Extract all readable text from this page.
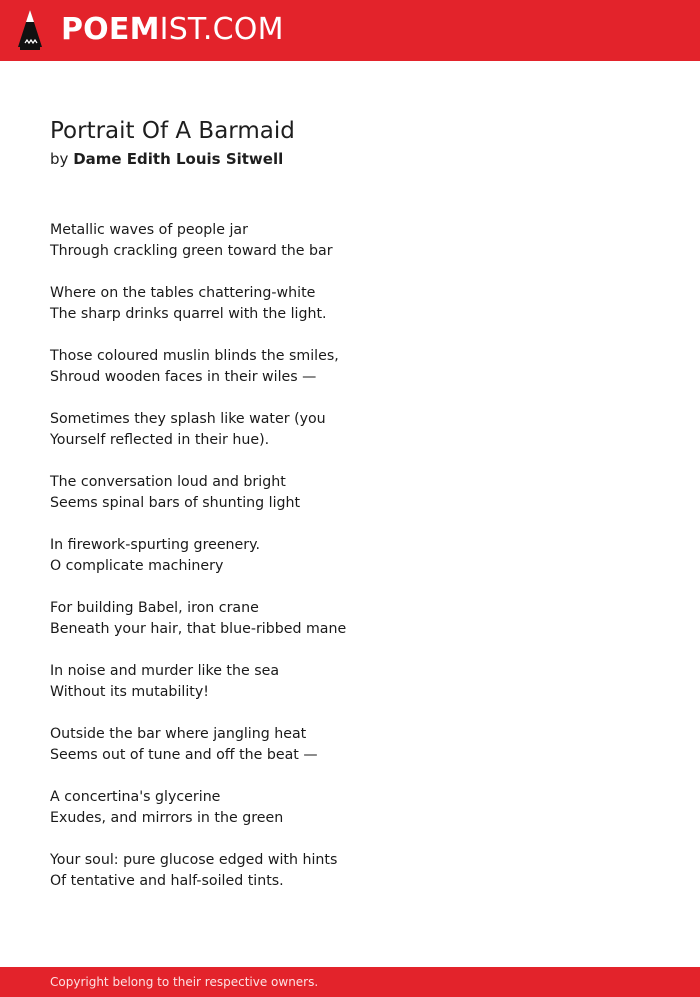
POEMIST.COM
Portrait Of A Barmaid
by Dame Edith Louis Sitwell
Metallic waves of people jar
Through crackling green toward the bar
Where on the tables chattering-white
The sharp drinks quarrel with the light.
Those coloured muslin blinds the smiles,
Shroud wooden faces in their wiles —
Sometimes they splash like water (you
Yourself reflected in their hue).
The conversation loud and bright
Seems spinal bars of shunting light
In firework-spurting greenery.
O complicate machinery
For building Babel, iron crane
Beneath your hair, that blue-ribbed mane
In noise and murder like the sea
Without its mutability!
Outside the bar where jangling heat
Seems out of tune and off the beat —
A concertina's glycerine
Exudes, and mirrors in the green
Your soul: pure glucose edged with hints
Of tentative and half-soiled tints.
Copyright belong to their respective owners.
